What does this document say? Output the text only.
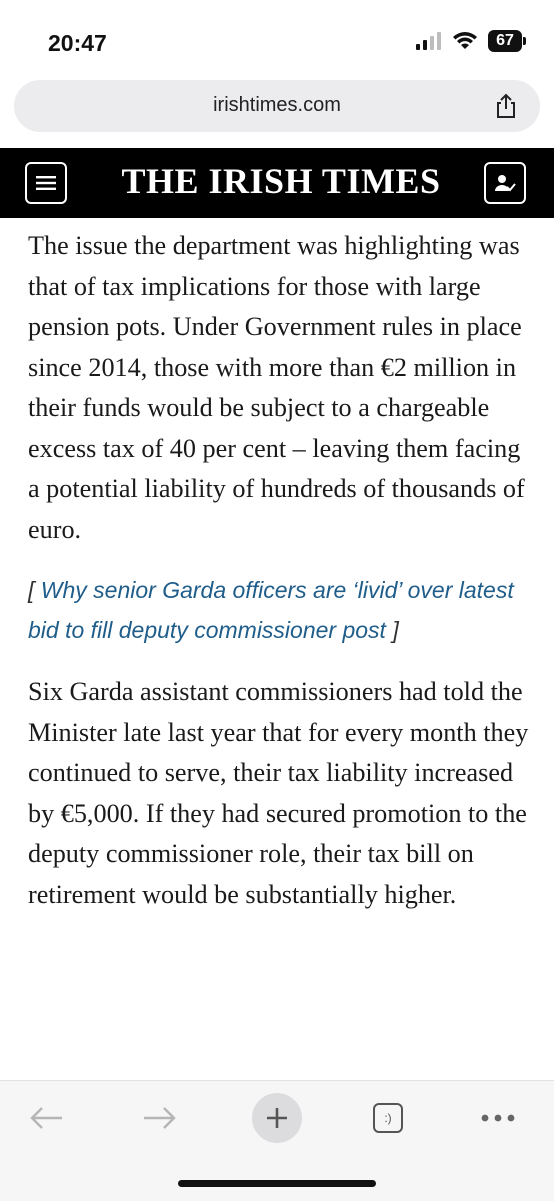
20:47	67
irishtimes.com
THE IRISH TIMES

The issue the department was highlighting was that of tax implications for those with large pension pots. Under Government rules in place since 2014, those with more than €2 million in their funds would be subject to a chargeable excess tax of 40 per cent – leaving them facing a potential liability of hundreds of thousands of euro.

[ Why senior Garda officers are ‘livid’ over latest bid to fill deputy commissioner post ]

Six Garda assistant commissioners had told the Minister late last year that for every month they continued to serve, their tax liability increased by €5,000. If they had secured promotion to the deputy commissioner role, their tax bill on retirement would be substantially higher.

:)
